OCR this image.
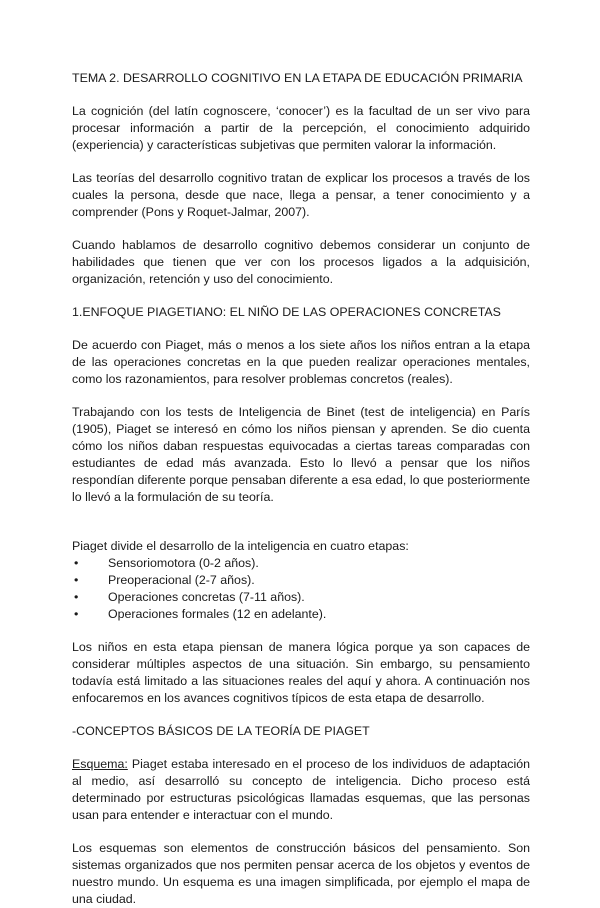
TEMA 2. DESARROLLO COGNITIVO EN LA ETAPA DE EDUCACIÓN PRIMARIA

La cognición (del latín cognoscere, ‘conocer’) es la facultad de un ser vivo para procesar información a partir de la percepción, el conocimiento adquirido (experiencia) y características subjetivas que permiten valorar la información.

Las teorías del desarrollo cognitivo tratan de explicar los procesos a través de los cuales la persona, desde que nace, llega a pensar, a tener conocimiento y a comprender (Pons y Roquet-Jalmar, 2007).

Cuando hablamos de desarrollo cognitivo debemos considerar un conjunto de habilidades que tienen que ver con los procesos ligados a la adquisición, organización, retención y uso del conocimiento.

1.ENFOQUE PIAGETIANO: EL NIÑO DE LAS OPERACIONES CONCRETAS

De acuerdo con Piaget, más o menos a los siete años los niños entran a la etapa de las operaciones concretas en la que pueden realizar operaciones mentales, como los razonamientos, para resolver problemas concretos (reales).

Trabajando con los tests de Inteligencia de Binet (test de inteligencia) en París (1905), Piaget se interesó en cómo los niños piensan y aprenden. Se dio cuenta cómo los niños daban respuestas equivocadas a ciertas tareas comparadas con estudiantes de edad más avanzada. Esto lo llevó a pensar que los niños respondían diferente porque pensaban diferente a esa edad, lo que posteriormente lo llevó a la formulación de su teoría.

Piaget divide el desarrollo de la inteligencia en cuatro etapas:

• Sensoriomotora (0-2 años).
• Preoperacional (2-7 años).
• Operaciones concretas (7-11 años).
• Operaciones formales (12 en adelante).

Los niños en esta etapa piensan de manera lógica porque ya son capaces de considerar múltiples aspectos de una situación. Sin embargo, su pensamiento todavía está limitado a las situaciones reales del aquí y ahora. A continuación nos enfocaremos en los avances cognitivos típicos de esta etapa de desarrollo.

-CONCEPTOS BÁSICOS DE LA TEORÍA DE PIAGET

Esquema: Piaget estaba interesado en el proceso de los individuos de adaptación al medio, así desarrolló su concepto de inteligencia. Dicho proceso está determinado por estructuras psicológicas llamadas esquemas, que las personas usan para entender e interactuar con el mundo.

Los esquemas son elementos de construcción básicos del pensamiento. Son sistemas organizados que nos permiten pensar acerca de los objetos y eventos de nuestro mundo. Un esquema es una imagen simplificada, por ejemplo el mapa de una ciudad.
